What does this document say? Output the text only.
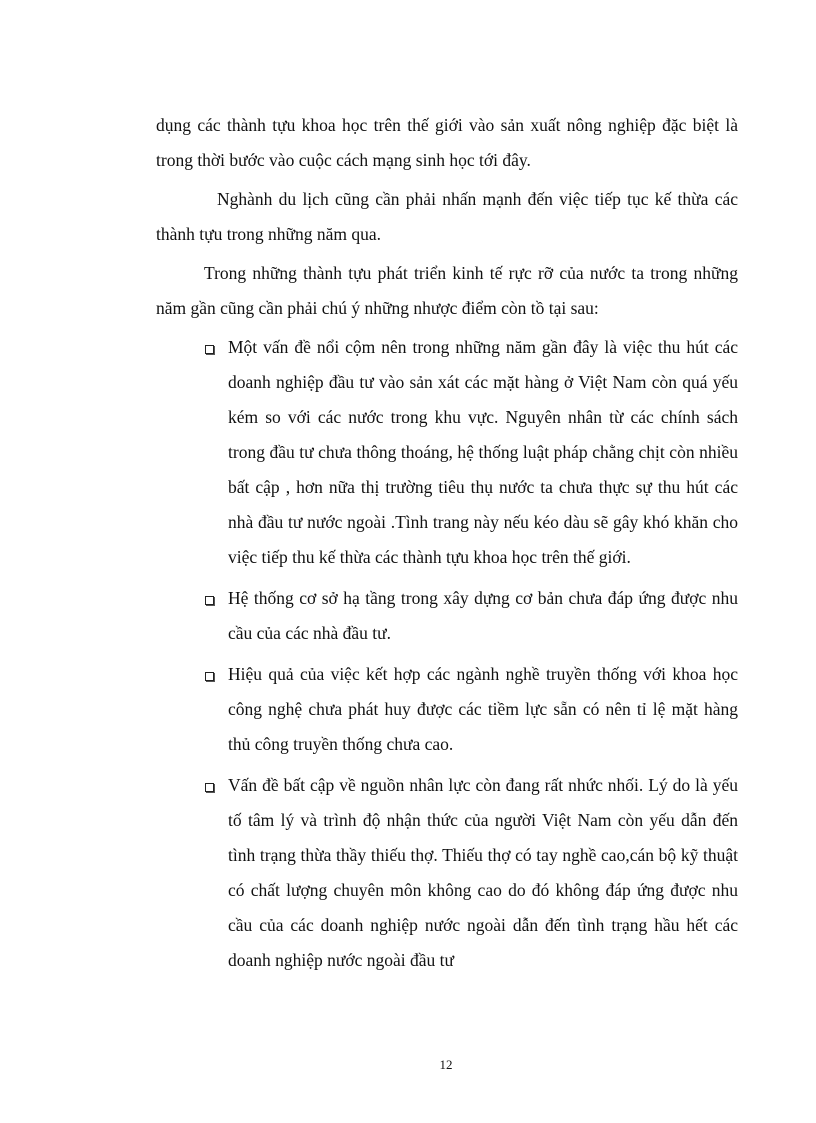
dụng các thành tựu khoa học trên thế giới vào sản xuất nông nghiệp đặc biệt là trong thời bước vào cuộc cách mạng sinh học tới đây.

Nghành du lịch cũng cần phải nhấn mạnh đến việc tiếp tục kế thừa các thành tựu trong những năm qua.

Trong những thành tựu phát triển kinh tế rực rỡ của nước ta trong những năm gần cũng cần phải chú ý những nhược điểm còn tồ tại sau:

Một vấn đề nổi cộm nên trong những năm gần đây là việc thu hút các doanh nghiệp đầu tư vào sản xát các mặt hàng ở Việt Nam còn quá yếu kém so với các nước trong khu vực. Nguyên nhân từ các chính sách trong đầu tư chưa thông thoáng, hệ thống luật pháp chằng chịt còn nhiều bất cập , hơn nữa thị trường tiêu thụ nước ta chưa thực sự thu hút các nhà đầu tư nước ngoài .Tình trang này nếu kéo dàu sẽ gây khó khăn cho việc tiếp thu kế thừa các thành tựu khoa học trên thế giới.

Hệ thống cơ sở hạ tầng trong xây dựng cơ bản chưa đáp ứng được nhu cầu của các nhà đầu tư.

Hiệu quả của việc kết hợp các ngành nghề truyền thống với khoa học công nghệ chưa phát huy được các tiềm lực sẵn có nên tỉ lệ mặt hàng thủ công truyền thống chưa cao.

Vấn đề bất cập về nguồn nhân lực còn đang rất nhức nhối. Lý do là yếu tố tâm lý và trình độ nhận thức của người Việt Nam còn yếu dẫn đến tình trạng thừa thầy thiếu thợ. Thiếu thợ có tay nghề cao,cán bộ kỹ thuật có chất lượng chuyên môn không cao do đó không đáp ứng được nhu cầu của các doanh nghiệp nước ngoài dẫn đến tình trạng hầu hết các doanh nghiệp nước ngoài đầu tư

12
